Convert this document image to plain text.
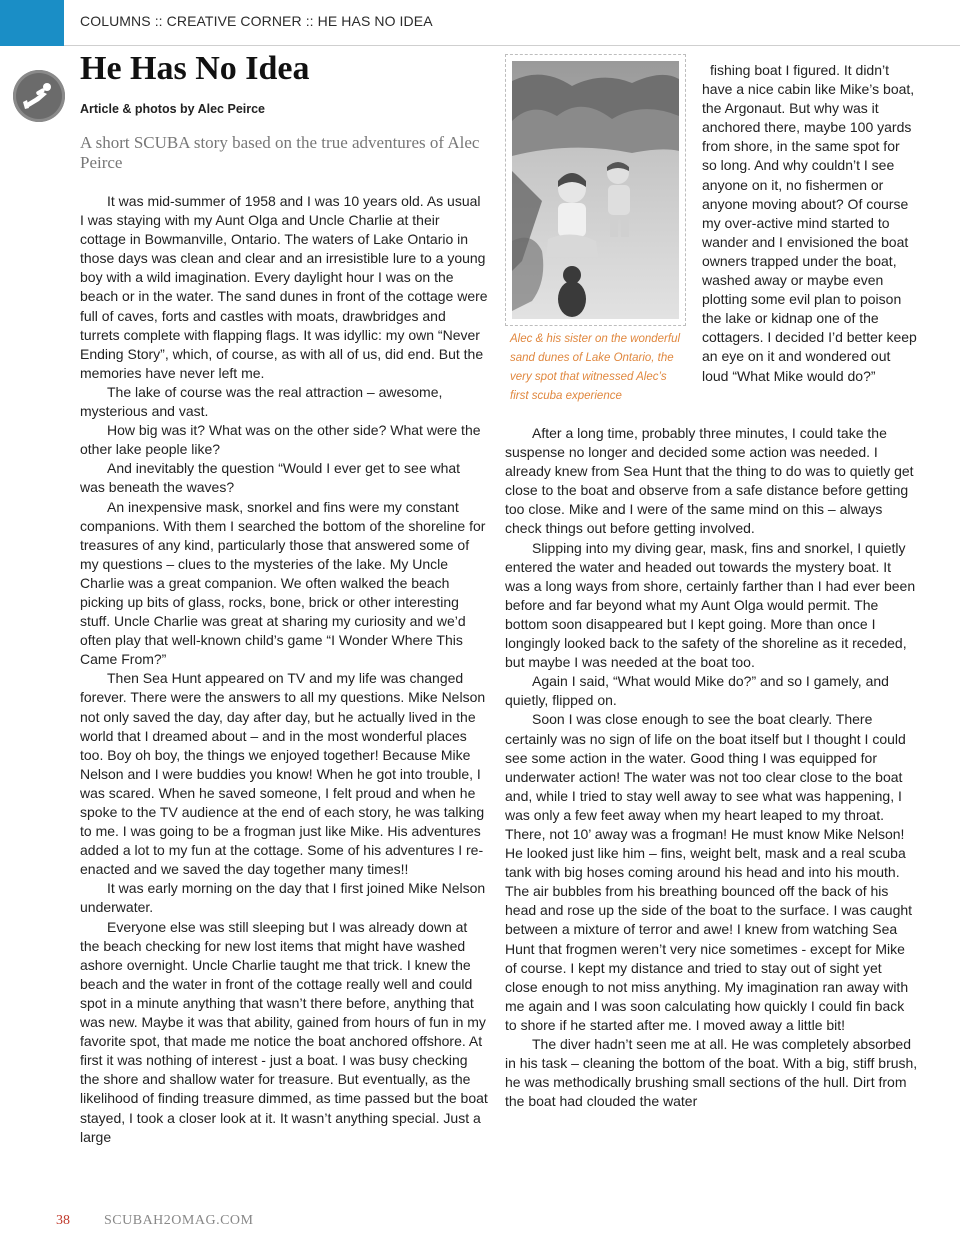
COLUMNS :: CREATIVE CORNER :: HE HAS NO IDEA
He Has No Idea
Article & photos by Alec Peirce

A short SCUBA story based on the true adventures of Alec Peirce

It was mid-summer of 1958 and I was 10 years old. As usual I was staying with my Aunt Olga and Uncle Charlie at their cottage in Bowmanville, Ontario. The waters of Lake Ontario in those days was clean and clear and an irresistible lure to a young boy with a wild imagination. Every daylight hour I was on the beach or in the water. The sand dunes in front of the cottage were full of caves, forts and castles with moats, drawbridges and turrets complete with flapping flags. It was idyllic: my own “Never Ending Story”, which, of course, as with all of us, did end. But the memories have never left me.

The lake of course was the real attraction – awesome, mysterious and vast.

How big was it? What was on the other side? What were the other lake people like?

And inevitably the question “Would I ever get to see what was beneath the waves?

An inexpensive mask, snorkel and fins were my constant companions. With them I searched the bottom of the shoreline for treasures of any kind, particularly those that answered some of my questions – clues to the mysteries of the lake. My Uncle Charlie was a great companion. We often walked the beach picking up bits of glass, rocks, bone, brick or other interesting stuff. Uncle Charlie was great at sharing my curiosity and we’d often play that well-known child’s game “I Wonder Where This Came From?”

Then Sea Hunt appeared on TV and my life was changed forever. There were the answers to all my questions. Mike Nelson not only saved the day, day after day, but he actually lived in the world that I dreamed about – and in the most wonderful places too. Boy oh boy, the things we enjoyed together! Because Mike Nelson and I were buddies you know! When he got into trouble, I was scared. When he saved someone, I felt proud and when he spoke to the TV audience at the end of each story, he was talking to me. I was going to be a frogman just like Mike. His adventures added a lot to my fun at the cottage. Some of his adventures I re-enacted and we saved the day together many times!!

It was early morning on the day that I first joined Mike Nelson underwater.

Everyone else was still sleeping but I was already down at the beach checking for new lost items that might have washed ashore overnight. Uncle Charlie taught me that trick. I knew the beach and the water in front of the cottage really well and could spot in a minute anything that wasn’t there before, anything that was new. Maybe it was that ability, gained from hours of fun in my favorite spot, that made me notice the boat anchored offshore. At first it was nothing of interest - just a boat. I was busy checking the shore and shallow water for treasure. But eventually, as the likelihood of finding treasure dimmed, as time passed but the boat stayed, I took a closer look at it. It wasn’t anything special. Just a large

Alec & his sister on the wonderful

sand dunes of Lake Ontario, the

very spot that witnessed Alec’s

first scuba experience

fishing boat I figured. It didn’t have a nice cabin like Mike’s boat, the Argonaut. But why was it anchored there, maybe 100 yards from shore, in the same spot for so long. And why couldn’t I see anyone on it, no fishermen or anyone moving about? Of course my over-active mind started to wander and I envisioned the boat owners trapped under the boat, washed away or maybe even plotting some evil plan to poison the lake or kidnap one of the cottagers. I decided I’d better keep an eye on it and wondered out loud “What Mike would do?”

After a long time, probably three minutes, I could take the suspense no longer and decided some action was needed. I already knew from Sea Hunt that the thing to do was to quietly get close to the boat and observe from a safe distance before getting too close. Mike and I were of the same mind on this – always check things out before getting involved.

Slipping into my diving gear, mask, fins and snorkel, I quietly entered the water and headed out towards the mystery boat. It was a long ways from shore, certainly farther than I had ever been before and far beyond what my Aunt Olga would permit. The bottom soon disappeared but I kept going. More than once I longingly looked back to the safety of the shoreline as it receded, but maybe I was needed at the boat too.

Again I said, “What would Mike do?” and so I gamely, and quietly, flipped on.

Soon I was close enough to see the boat clearly. There certainly was no sign of life on the boat itself but I thought I could see some action in the water. Good thing I was equipped for underwater action! The water was not too clear close to the boat and, while I tried to stay well away to see what was happening, I was only a few feet away when my heart leaped to my throat. There, not 10’ away was a frogman! He must know Mike Nelson! He looked just like him – fins, weight belt, mask and a real scuba tank with big hoses coming around his head and into his mouth. The air bubbles from his breathing bounced off the back of his head and rose up the side of the boat to the surface. I was caught between a mixture of terror and awe! I knew from watching Sea Hunt that frogmen weren’t very nice sometimes - except for Mike of course. I kept my distance and tried to stay out of sight yet close enough to not miss anything. My imagination ran away with me again and I was soon calculating how quickly I could fin back to shore if he started after me. I moved away a little bit!

The diver hadn’t seen me at all. He was completely absorbed in his task – cleaning the bottom of the boat. With a big, stiff brush, he was methodically brushing small sections of the hull. Dirt from the boat had clouded the water

38 SCUBAH2OMAG.COM
